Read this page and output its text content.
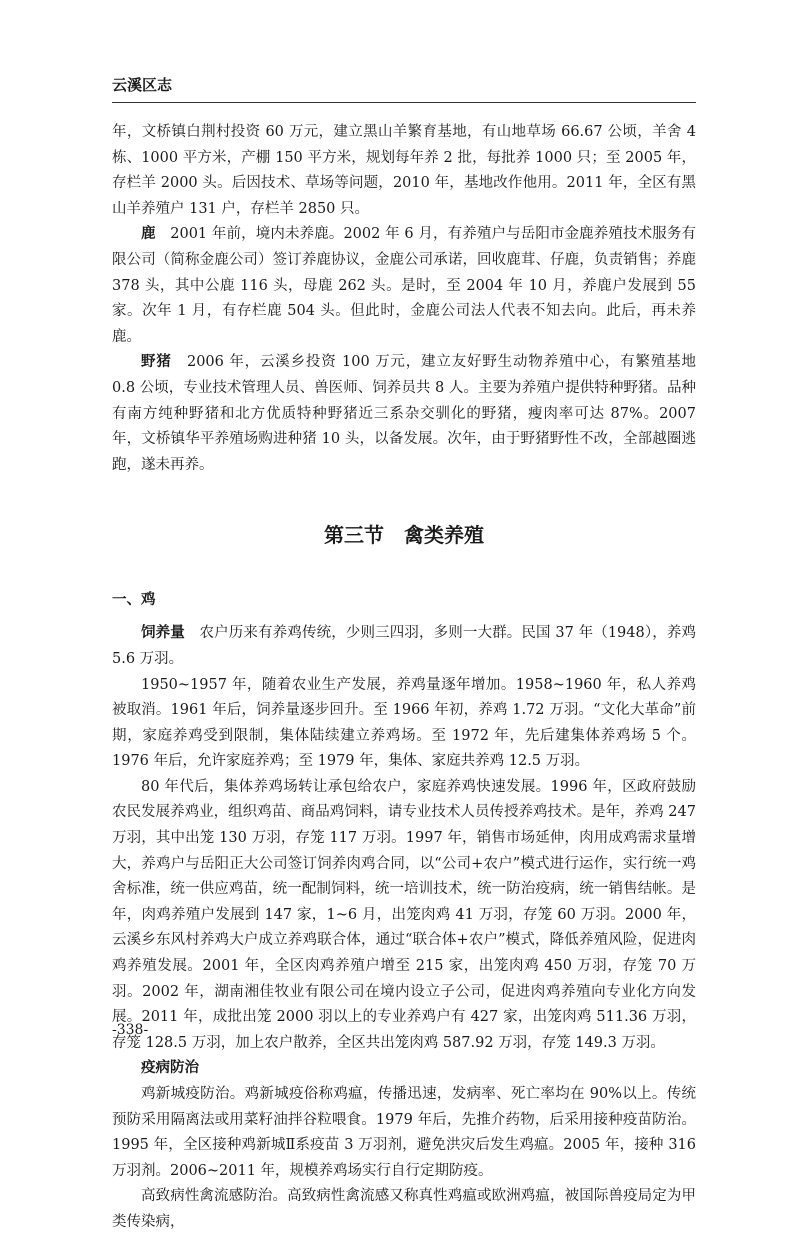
云溪区志

年，文桥镇白荆村投资 60 万元，建立黑山羊繁育基地，有山地草场 66.67 公顷，羊舍 4 栋、1000 平方米，产棚 150 平方米，规划每年养 2 批，每批养 1000 只；至 2005 年，存栏羊 2000 头。后因技术、草场等问题，2010 年，基地改作他用。2011 年，全区有黑山羊养殖户 131 户，存栏羊 2850 只。

鹿　 2001 年前，境内未养鹿。2002 年 6 月，有养殖户与岳阳市金鹿养殖技术服务有限公司（简称金鹿公司）签订养鹿协议，金鹿公司承诺，回收鹿茸、仔鹿，负责销售；养鹿 378 头，其中公鹿 116 头，母鹿 262 头。是时，至 2004 年 10 月，养鹿户发展到 55 家。次年 1 月，有存栏鹿 504 头。但此时，金鹿公司法人代表不知去向。此后，再未养鹿。

野猪　 2006 年，云溪乡投资 100 万元，建立友好野生动物养殖中心，有繁殖基地 0.8 公顷，专业技术管理人员、兽医师、饲养员共 8 人。主要为养殖户提供特种野猪。品种有南方纯种野猪和北方优质特种野猪近三系杂交驯化的野猪，瘦肉率可达 87%。2007 年，文桥镇华平养殖场购进种猪 10 头，以备发展。次年，由于野猪野性不改，全部越圈逃跑，遂未再养。

第三节　禽类养殖
一、鸡

饲养量　 农户历来有养鸡传统，少则三四羽，多则一大群。民国 37 年（1948），养鸡 5.6 万羽。

1950~1957 年，随着农业生产发展，养鸡量逐年增加。1958~1960 年，私人养鸡被取消。1961 年后，饲养量逐步回升。至 1966 年初，养鸡 1.72 万羽。“文化大革命”前期，家庭养鸡受到限制，集体陆续建立养鸡场。至 1972 年，先后建集体养鸡场 5 个。1976 年后，允许家庭养鸡；至 1979 年，集体、家庭共养鸡 12.5 万羽。

80 年代后，集体养鸡场转让承包给农户，家庭养鸡快速发展。1996 年，区政府鼓励农民发展养鸡业，组织鸡苗、商品鸡饲料，请专业技术人员传授养鸡技术。是年，养鸡 247 万羽，其中出笼 130 万羽，存笼 117 万羽。1997 年，销售市场延伸，肉用成鸡需求量增大，养鸡户与岳阳正大公司签订饲养肉鸡合同，以“公司+农户”模式进行运作，实行统一鸡舍标准，统一供应鸡苗，统一配制饲料，统一培训技术，统一防治疫病，统一销售结帐。是年，肉鸡养殖户发展到 147 家，1~6 月，出笼肉鸡 41 万羽，存笼 60 万羽。2000 年，云溪乡东风村养鸡大户成立养鸡联合体，通过“联合体+农户”模式，降低养殖风险，促进肉鸡养殖发展。2001 年，全区肉鸡养殖户增至 215 家，出笼肉鸡 450 万羽，存笼 70 万羽。2002 年，湖南湘佳牧业有限公司在境内设立子公司，促进肉鸡养殖向专业化方向发展。2011 年，成批出笼 2000 羽以上的专业养鸡户有 427 家，出笼肉鸡 511.36 万羽，存笼 128.5 万羽，加上农户散养，全区共出笼肉鸡 587.92 万羽，存笼 149.3 万羽。

疫病防治

鸡新城疫防治。鸡新城疫俗称鸡瘟，传播迅速，发病率、死亡率均在 90%以上。传统预防采用隔离法或用菜籽油拌谷粒喂食。1979 年后，先推介药物，后采用接种疫苗防治。1995 年，全区接种鸡新城Ⅱ系疫苗 3 万羽剂，避免洪灾后发生鸡瘟。2005 年，接种 316 万羽剂。2006~2011 年，规模养鸡场实行自行定期防疫。

高致病性禽流感防治。高致病性禽流感又称真性鸡瘟或欧洲鸡瘟，被国际兽疫局定为甲类传染病，

-338-
